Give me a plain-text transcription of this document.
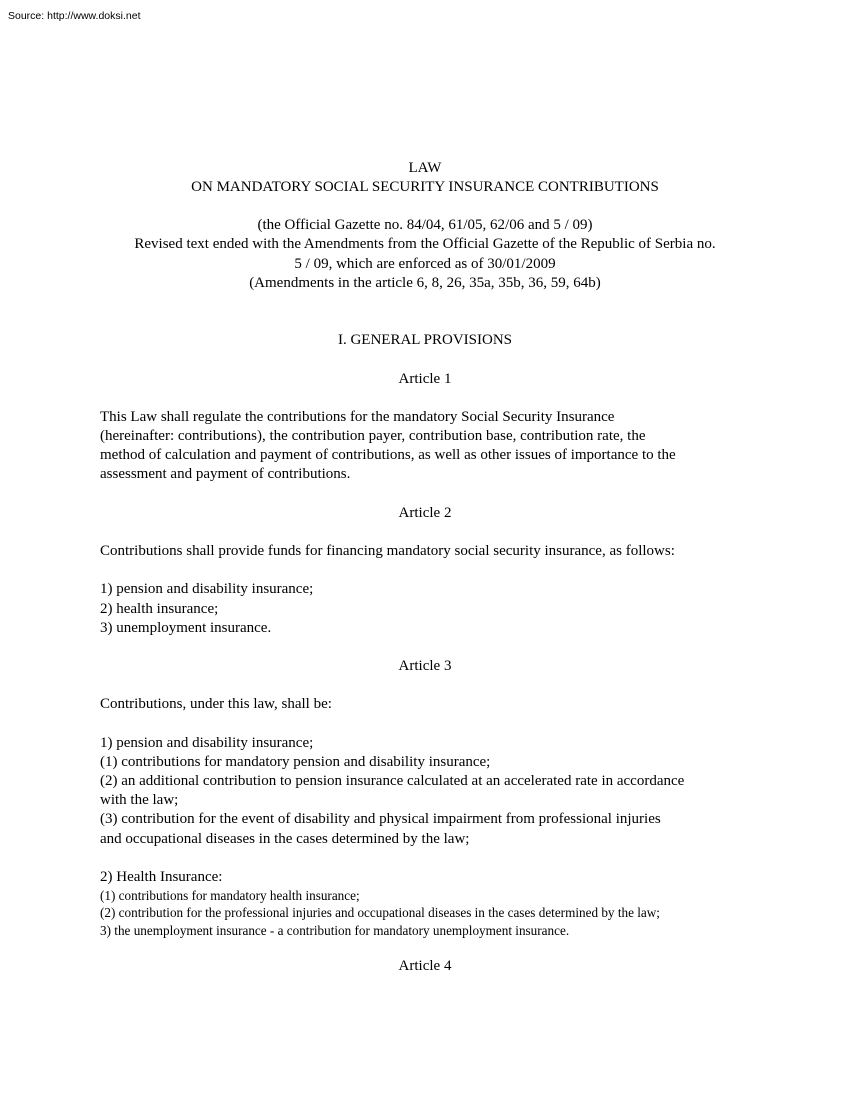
Source: http://www.doksi.net
LAW
ON MANDATORY SOCIAL SECURITY INSURANCE CONTRIBUTIONS
(the Official Gazette no. 84/04, 61/05, 62/06 and 5 / 09)
Revised text ended with the Amendments from the Official Gazette of the Republic of Serbia no.
5 / 09, which are enforced as of 30/01/2009
(Amendments in the article 6, 8, 26, 35a, 35b, 36, 59, 64b)
I. GENERAL PROVISIONS
Article 1
This Law shall regulate the contributions for the mandatory Social Security Insurance
(hereinafter: contributions), the contribution payer, contribution base, contribution rate, the
method of calculation and payment of contributions, as well as other issues of importance to the
assessment and payment of contributions.
Article 2
Contributions shall provide funds for financing mandatory social security insurance, as follows:
1) pension and disability insurance;
2) health insurance;
3) unemployment insurance.
Article 3
Contributions, under this law, shall be:
1) pension and disability insurance;
(1) contributions for mandatory pension and disability insurance;
(2) an additional contribution to pension insurance calculated at an accelerated rate in accordance
with the law;
(3) contribution for the event of disability and physical impairment from professional injuries
and occupational diseases in the cases determined by the law;
2) Health Insurance:
(1) contributions for mandatory health insurance;
(2) contribution for the professional injuries and occupational diseases in the cases determined by the law;
3) the unemployment insurance - a contribution for mandatory unemployment insurance.
Article 4
